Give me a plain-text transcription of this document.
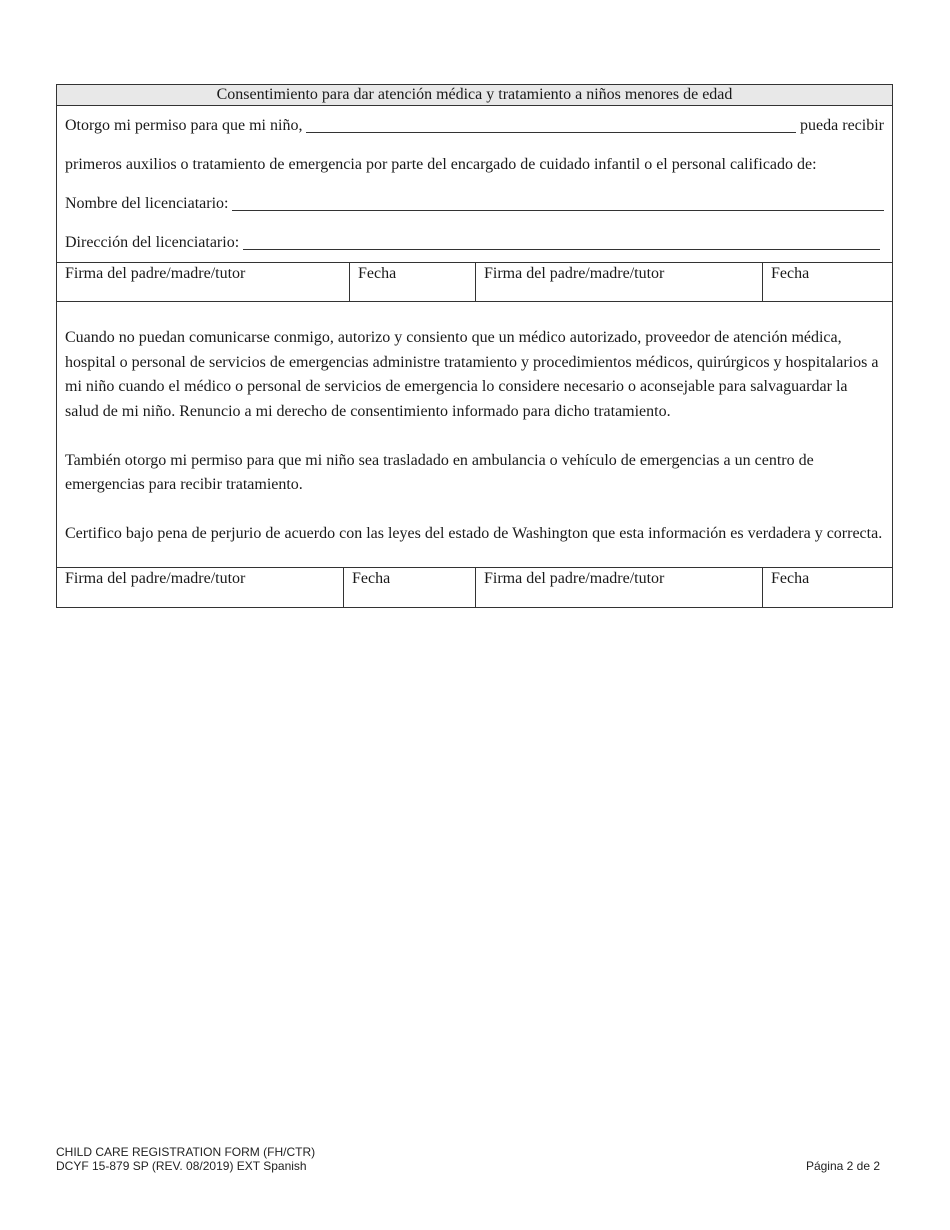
Consentimiento para dar atención médica y tratamiento a niños menores de edad
Otorgo mi permiso para que mi niño,	pueda recibir
primeros auxilios o tratamiento de emergencia por parte del encargado de cuidado infantil o el personal calificado de:
Nombre del licenciatario:
Dirección del licenciatario:
Firma del padre/madre/tutor	Fecha	Firma del padre/madre/tutor	Fecha

Cuando no puedan comunicarse conmigo, autorizo y consiento que un médico autorizado, proveedor de atención médica, hospital o personal de servicios de emergencias administre tratamiento y procedimientos médicos, quirúrgicos y hospitalarios a mi niño cuando el médico o personal de servicios de emergencia lo considere necesario o aconsejable para salvaguardar la salud de mi niño. Renuncio a mi derecho de consentimiento informado para dicho tratamiento.

También otorgo mi permiso para que mi niño sea trasladado en ambulancia o vehículo de emergencias a un centro de emergencias para recibir tratamiento.

Certifico bajo pena de perjurio de acuerdo con las leyes del estado de Washington que esta información es verdadera y correcta.

Firma del padre/madre/tutor	Fecha	Firma del padre/madre/tutor	Fecha
CHILD CARE REGISTRATION FORM (FH/CTR)
DCYF 15-879 SP (REV. 08/2019) EXT Spanish	Página 2 de 2
